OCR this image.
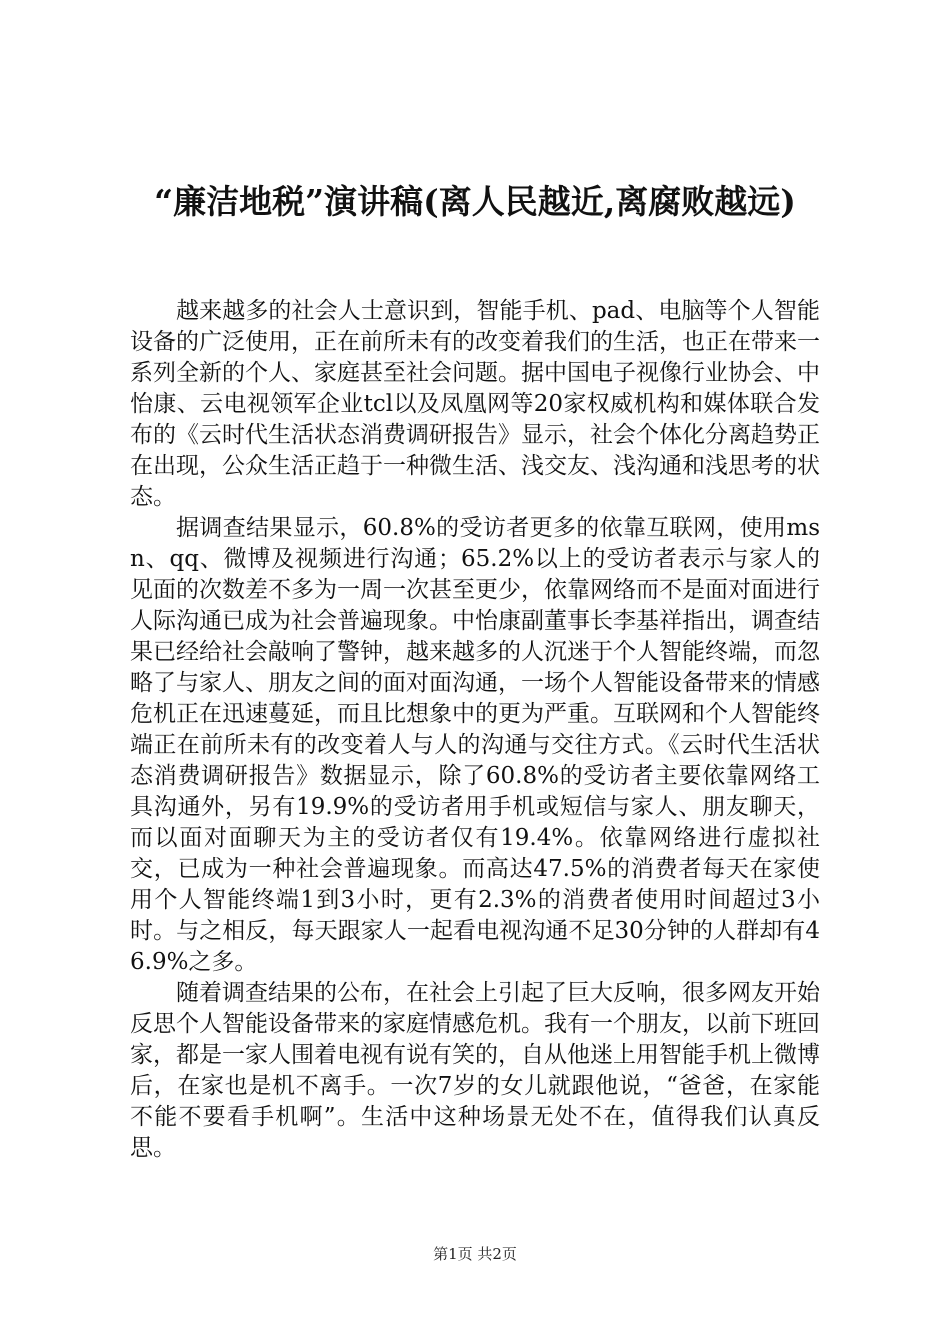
“廉洁地税”演讲稿(离人民越近,离腐败越远)

越来越多的社会人士意识到，智能手机、pad、电脑等个人智能设备的广泛使用，正在前所未有的改变着我们的生活，也正在带来一系列全新的个人、家庭甚至社会问题。据中国电子视像行业协会、中怡康、云电视领军企业tcl以及凤凰网等20家权威机构和媒体联合发布的《云时代生活状态消费调研报告》显示，社会个体化分离趋势正在出现，公众生活正趋于一种微生活、浅交友、浅沟通和浅思考的状态。

据调查结果显示，60.8%的受访者更多的依靠互联网，使用msn、qq、微博及视频进行沟通；65.2%以上的受访者表示与家人的见面的次数差不多为一周一次甚至更少，依靠网络而不是面对面进行人际沟通已成为社会普遍现象。中怡康副董事长李基祥指出，调查结果已经给社会敲响了警钟，越来越多的人沉迷于个人智能终端，而忽略了与家人、朋友之间的面对面沟通，一场个人智能设备带来的情感危机正在迅速蔓延，而且比想象中的更为严重。互联网和个人智能终端正在前所未有的改变着人与人的沟通与交往方式。《云时代生活状态消费调研报告》数据显示，除了60.8%的受访者主要依靠网络工具沟通外，另有19.9%的受访者用手机或短信与家人、朋友聊天，而以面对面聊天为主的受访者仅有19.4%。依靠网络进行虚拟社交，已成为一种社会普遍现象。而高达47.5%的消费者每天在家使用个人智能终端1到3小时，更有2.3%的消费者使用时间超过3小时。与之相反，每天跟家人一起看电视沟通不足30分钟的人群却有46.9%之多。

随着调查结果的公布，在社会上引起了巨大反响，很多网友开始反思个人智能设备带来的家庭情感危机。我有一个朋友，以前下班回家，都是一家人围着电视有说有笑的，自从他迷上用智能手机上微博后，在家也是机不离手。一次7岁的女儿就跟他说，“爸爸，在家能不能不要看手机啊”。生活中这种场景无处不在，值得我们认真反思。

第1页 共2页
